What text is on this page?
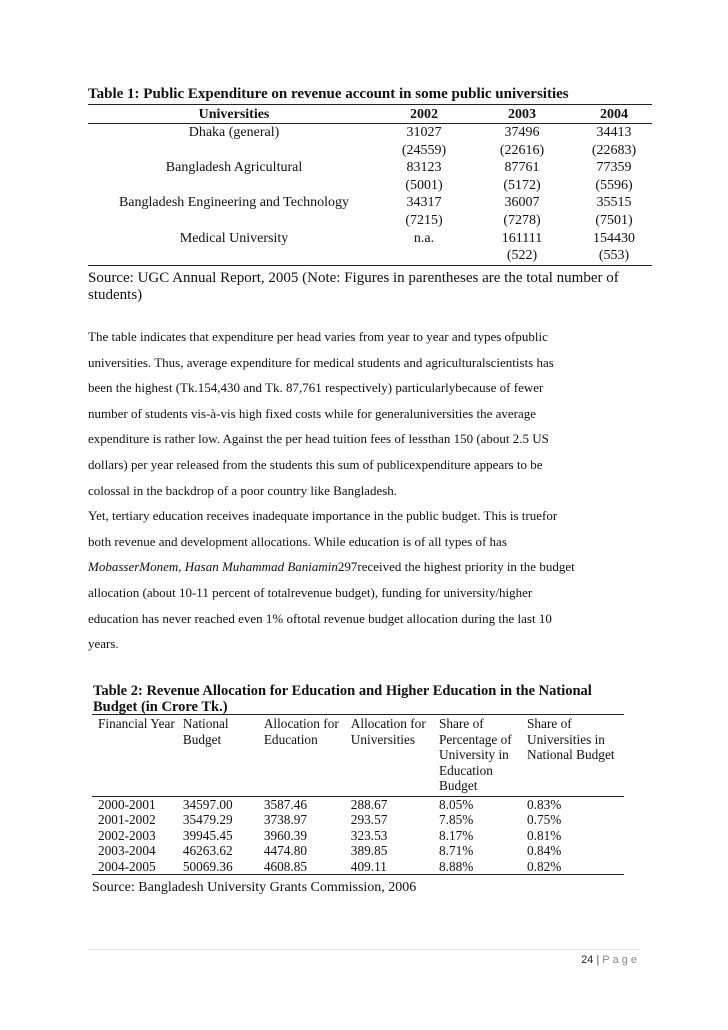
Table 1: Public Expenditure on revenue account in some public universities
Universities	2002	2003	2004
Dhaka (general)	31027	37496	34413
	(24559)	(22616)	(22683)
Bangladesh Agricultural	83123	87761	77359
	(5001)	(5172)	(5596)
Bangladesh Engineering and Technology	34317	36007	35515
	(7215)	(7278)	(7501)
Medical University	n.a.	161111	154430
		(522)	(553)
Source: UGC Annual Report, 2005 (Note: Figures in parentheses are the total number of students)
The table indicates that expenditure per head varies from year to year and types ofpublic
universities. Thus, average expenditure for medical students and agriculturalscientists has
been the highest (Tk.154,430 and Tk. 87,761 respectively) particularlybecause of fewer
number of students vis-à-vis high fixed costs while for generaluniversities the average
expenditure is rather low. Against the per head tuition fees of lessthan 150 (about 2.5 US
dollars) per year released from the students this sum of publicexpenditure appears to be
colossal in the backdrop of a poor country like Bangladesh.
Yet, tertiary education receives inadequate importance in the public budget. This is truefor
both revenue and development allocations. While education is of all types of has
MobasserMonem, Hasan Muhammad Baniamin297received the highest priority in the budget
allocation (about 10-11 percent of totalrevenue budget), funding for university/higher
education has never reached even 1% oftotal revenue budget allocation during the last 10
years.
Table 2: Revenue Allocation for Education and Higher Education in the National Budget (in Crore Tk.)
Financial Year	National Budget	Allocation for Education	Allocation for Universities	Share of Percentage of University in Education Budget	Share of Universities in National Budget
2000-2001	34597.00	3587.46	288.67	8.05%	0.83%
2001-2002	35479.29	3738.97	293.57	7.85%	0.75%
2002-2003	39945.45	3960.39	323.53	8.17%	0.81%
2003-2004	46263.62	4474.80	389.85	8.71%	0.84%
2004-2005	50069.36	4608.85	409.11	8.88%	0.82%
Source: Bangladesh University Grants Commission, 2006
24 | Page
